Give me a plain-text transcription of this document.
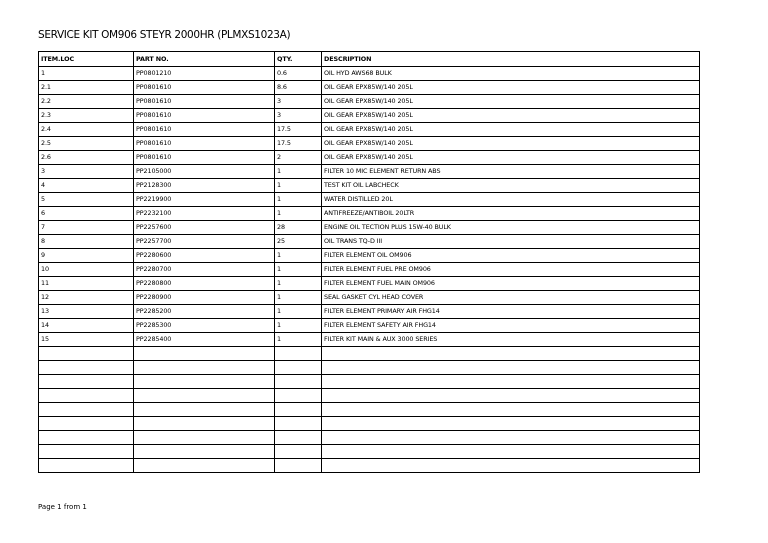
SERVICE KIT OM906 STEYR 2000HR (PLMXS1023A)
ITEM.LOC	PART NO.	QTY.	DESCRIPTION
1	PP0801210	0.6	OIL HYD AWS68 BULK
2.1	PP0801610	8.6	OIL GEAR EPX85W/140 205L
2.2	PP0801610	3	OIL GEAR EPX85W/140 205L
2.3	PP0801610	3	OIL GEAR EPX85W/140 205L
2.4	PP0801610	17.5	OIL GEAR EPX85W/140 205L
2.5	PP0801610	17.5	OIL GEAR EPX85W/140 205L
2.6	PP0801610	2	OIL GEAR EPX85W/140 205L
3	PP2105000	1	FILTER 10 MIC ELEMENT RETURN ABS
4	PP2128300	1	TEST KIT OIL LABCHECK
5	PP2219900	1	WATER DISTILLED 20L
6	PP2232100	1	ANTIFREEZE/ANTIBOIL 20LTR
7	PP2257600	28	ENGINE OIL TECTION PLUS 15W-40 BULK
8	PP2257700	25	OIL TRANS TQ-D III
9	PP2280600	1	FILTER ELEMENT OIL OM906
10	PP2280700	1	FILTER ELEMENT FUEL PRE OM906
11	PP2280800	1	FILTER ELEMENT FUEL MAIN OM906
12	PP2280900	1	SEAL GASKET CYL HEAD COVER
13	PP2285200	1	FILTER ELEMENT PRIMARY AIR FHG14
14	PP2285300	1	FILTER ELEMENT SAFETY AIR FHG14
15	PP2285400	1	FILTER KIT MAIN & AUX 3000 SERIES

Page 1 from 1
